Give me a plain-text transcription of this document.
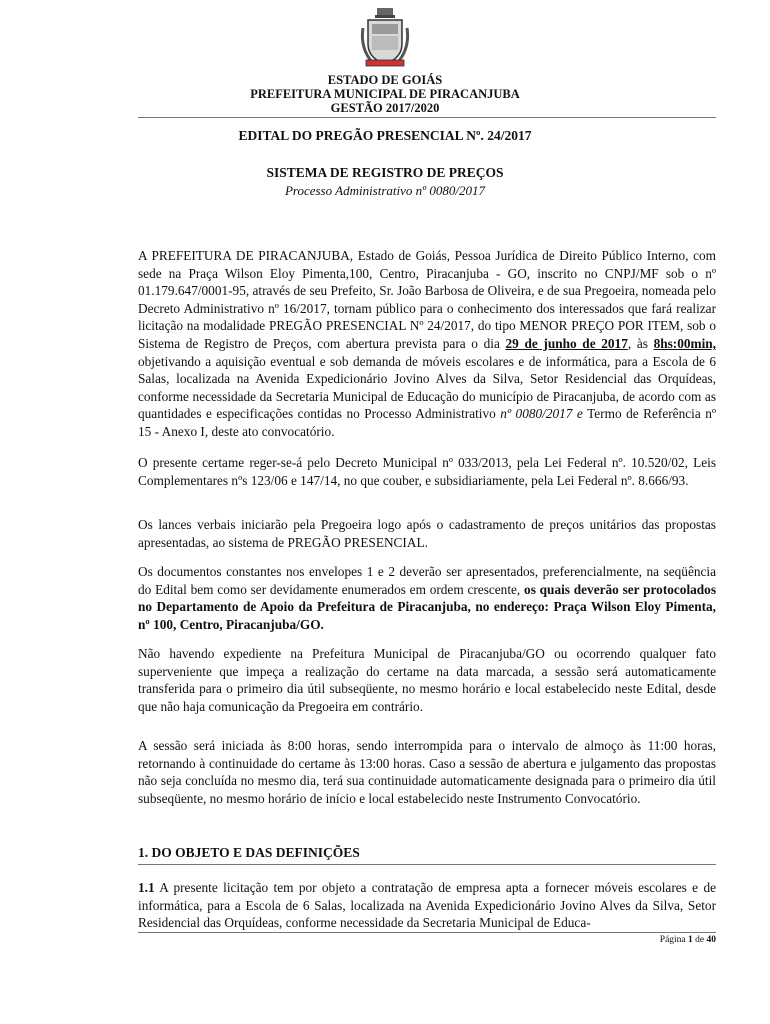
ESTADO DE GOIÁS
PREFEITURA MUNICIPAL DE PIRACANJUBA
GESTÃO 2017/2020
EDITAL DO PREGÃO PRESENCIAL Nº. 24/2017
SISTEMA DE REGISTRO DE PREÇOS
Processo Administrativo nº 0080/2017

A PREFEITURA DE PIRACANJUBA, Estado de Goiás, Pessoa Jurídica de Direito Público Interno, com sede na Praça Wilson Eloy Pimenta,100, Centro, Piracanjuba - GO, inscrito no CNPJ/MF sob o nº 01.179.647/0001-95, através de seu Prefeito, Sr. João Barbosa de Oliveira, e de sua Pregoeira, nomeada pelo Decreto Administrativo nº 16/2017, tornam público para o conhecimento dos interessados que fará realizar licitação na modalidade PREGÃO PRESENCIAL Nº 24/2017, do tipo MENOR PREÇO POR ITEM, sob o Sistema de Registro de Preços, com abertura prevista para o dia 29 de junho de 2017, às 8hs:00min, objetivando a aquisição eventual e sob demanda de móveis escolares e de informática, para a Escola de 6 Salas, localizada na Avenida Expedicionário Jovino Alves da Silva, Setor Residencial das Orquídeas, conforme necessidade da Secretaria Municipal de Educação do município de Piracanjuba, de acordo com as quantidades e especificações contidas no Processo Administrativo nº 0080/2017 e Termo de Referência nº 15 - Anexo I, deste ato convocatório.

O presente certame reger-se-á pelo Decreto Municipal nº 033/2013, pela Lei Federal nº. 10.520/02, Leis Complementares nºs 123/06 e 147/14, no que couber, e subsidiariamente, pela Lei Federal nº. 8.666/93.

Os lances verbais iniciarão pela Pregoeira logo após o cadastramento de preços unitários das propostas apresentadas, ao sistema de PREGÃO PRESENCIAL.

Os documentos constantes nos envelopes 1 e 2 deverão ser apresentados, preferencialmente, na seqüência do Edital bem como ser devidamente enumerados em ordem crescente, os quais deverão ser protocolados no Departamento de Apoio da Prefeitura de Piracanjuba, no endereço: Praça Wilson Eloy Pimenta, nº 100, Centro, Piracanjuba/GO.

Não havendo expediente na Prefeitura Municipal de Piracanjuba/GO ou ocorrendo qualquer fato superveniente que impeça a realização do certame na data marcada, a sessão será automaticamente transferida para o primeiro dia útil subseqüente, no mesmo horário e local estabelecido neste Edital, desde que não haja comunicação da Pregoeira em contrário.

A sessão será iniciada às 8:00 horas, sendo interrompida para o intervalo de almoço às 11:00 horas, retornando à continuidade do certame às 13:00 horas. Caso a sessão de abertura e julgamento das propostas não seja concluída no mesmo dia, terá sua continuidade automaticamente designada para o primeiro dia útil subseqüente, no mesmo horário de início e local estabelecido neste Instrumento Convocatório.

1. DO OBJETO E DAS DEFINIÇÕES

1.1 A presente licitação tem por objeto a contratação de empresa apta a fornecer móveis escolares e de informática, para a Escola de 6 Salas, localizada na Avenida Expedicionário Jovino Alves da Silva, Setor Residencial das Orquídeas, conforme necessidade da Secretaria Municipal de Educa-

Página 1 de 40
